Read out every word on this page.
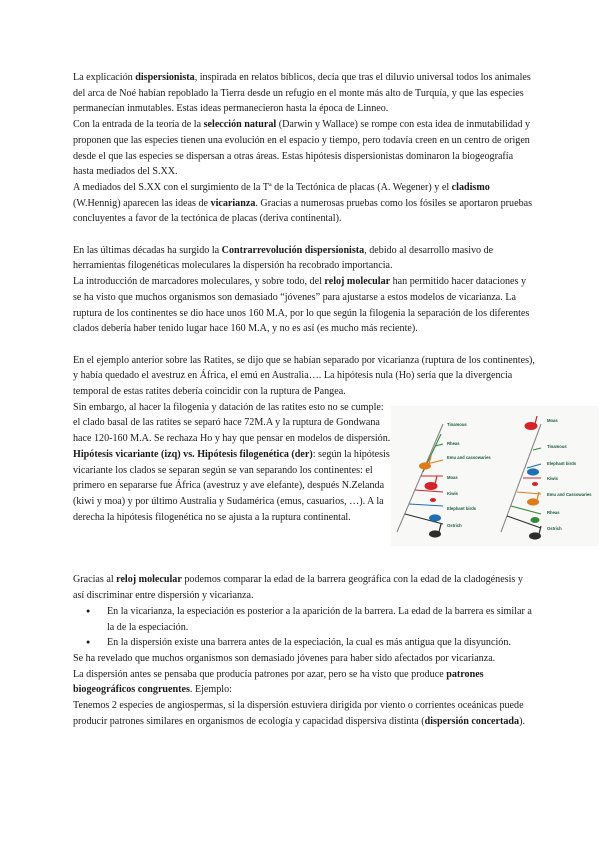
La explicación dispersionista, inspirada en relatos bíblicos, decía que tras el diluvio universal todos los animales del arca de Noé habían repoblado la Tierra desde un refugio en el monte más alto de Turquía, y que las especies permanecían inmutables. Estas ideas permanecieron hasta la época de Linneo.

Con la entrada de la teoría de la selección natural (Darwin y Wallace) se rompe con esta idea de inmutabilidad y proponen que las especies tienen una evolución en el espacio y tiempo, pero todavía creen en un centro de origen desde el que las especies se dispersan a otras áreas. Estas hipótesis dispersionistas dominaron la biogeografía hasta mediados del S.XX.

A mediados del S.XX con el surgimiento de la Tª de la Tectónica de placas (A. Wegener) y el cladismo (W.Hennig) aparecen las ideas de vicarianza. Gracias a numerosas pruebas como los fósiles se aportaron pruebas concluyentes a favor de la tectónica de placas (deriva continental).

En las últimas décadas ha surgido la Contrarrevolución dispersionista, debido al desarrollo masivo de herramientas filogenéticas moleculares la dispersión ha recobrado importancia.

La introducción de marcadores moleculares, y sobre todo, del reloj molecular han permitido hacer dataciones y se ha visto que muchos organismos son demasiado “jóvenes” para ajustarse a estos modelos de vicarianza. La ruptura de los continentes se dio hace unos 160 M.A, por lo que según la filogenia la separación de los diferentes clados debería haber tenido lugar hace 160 M.A, y no es así (es mucho más reciente).

En el ejemplo anterior sobre las Ratites, se dijo que se habían separado por vicarianza (ruptura de los continentes), y había quedado el avestruz en África, el emú en Australia…. La hipótesis nula (Ho) sería que la divergencia temporal de estas ratites debería coincidir con la ruptura de Pangea.

Sin embargo, al hacer la filogenia y datación de las ratites esto no se cumple: el clado basal de las ratites se separó hace 72M.A y la ruptura de Gondwana hace 120-160 M.A. Se rechaza Ho y hay que pensar en modelos de dispersión.

Hipótesis vicariante (izq) vs. Hipótesis filogenética (der): según la hipótesis vicariante los clados se separan según se van separando los continentes: el primero en separarse fue África (avestruz y ave elefante), después N.Zelanda (kiwi y moa) y por último Australia y Sudamérica (emus, casuarios, …). A la derecha la hipótesis filogenética no se ajusta a la ruptura continental.

Tinamous
Rheas
Emu and cassowaries
Moas
Kiwis
Elephant birds
Ostrich
Moas
Tinamous
Elephant birds
Kiwis
Emu and Cassowaries
Rheas
Ostrich

Gracias al reloj molecular podemos comparar la edad de la barrera geográfica con la edad de la cladogénesis y así discriminar entre dispersión y vicarianza.

● En la vicarianza, la especiación es posterior a la aparición de la barrera. La edad de la barrera es similar a la de la especiación.
● En la dispersión existe una barrera antes de la especiación, la cual es más antigua que la disyunción.

Se ha revelado que muchos organismos son demasiado jóvenes para haber sido afectados por vicarianza.

La dispersión antes se pensaba que producía patrones por azar, pero se ha visto que produce patrones biogeográficos congruentes. Ejemplo:

Tenemos 2 especies de angiospermas, si la dispersión estuviera dirigida por viento o corrientes oceánicas puede producir patrones similares en organismos de ecología y capacidad dispersiva distinta (dispersión concertada).
